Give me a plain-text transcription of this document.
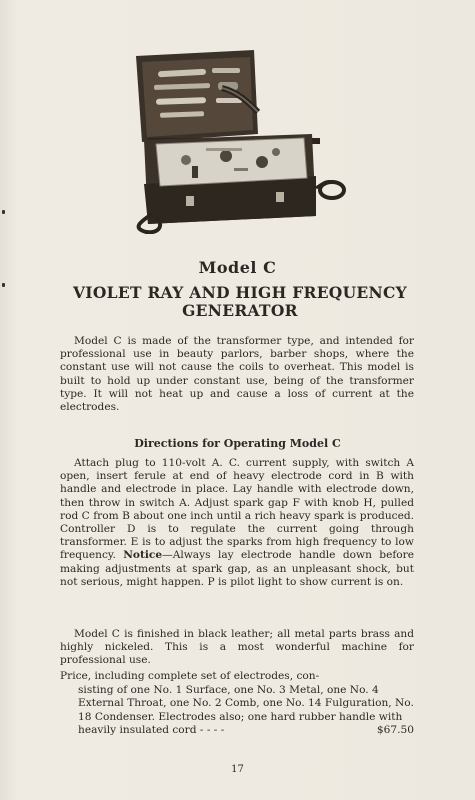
Model C
VIOLET RAY AND HIGH FREQUENCY GENERATOR

Model C is made of the transformer type, and intended for professional use in beauty parlors, barber shops, where the constant use will not cause the coils to overheat. This model is built to hold up under constant use, being of the transformer type. It will not heat up and cause a loss of current at the electrodes.

Directions for Operating Model C

Attach plug to 110-volt A. C. current supply, with switch A open, insert ferule at end of heavy electrode cord in B with handle and electrode in place. Lay handle with electrode down, then throw in switch A. Adjust spark gap F with knob H, pulled rod C from B about one inch until a rich heavy spark is produced. Controller D is to regulate the current going through transformer. E is to adjust the sparks from high frequency to low frequency. Notice—Always lay electrode handle down before making adjustments at spark gap, as an unpleasant shock, but not serious, might happen. P is pilot light to show current is on.

Model C is finished in black leather; all metal parts brass and highly nickeled. This is a most wonderful machine for professional use.

Price, including complete set of electrodes, con-
sisting of one No. 1 Surface, one No. 3 Metal, one No. 4 External Throat, one No. 2 Comb, one No. 14 Fulguration, No. 18 Condenser. Electrodes also; one hard rubber handle with
heavily insulated cord - - - -	$67.50
17
